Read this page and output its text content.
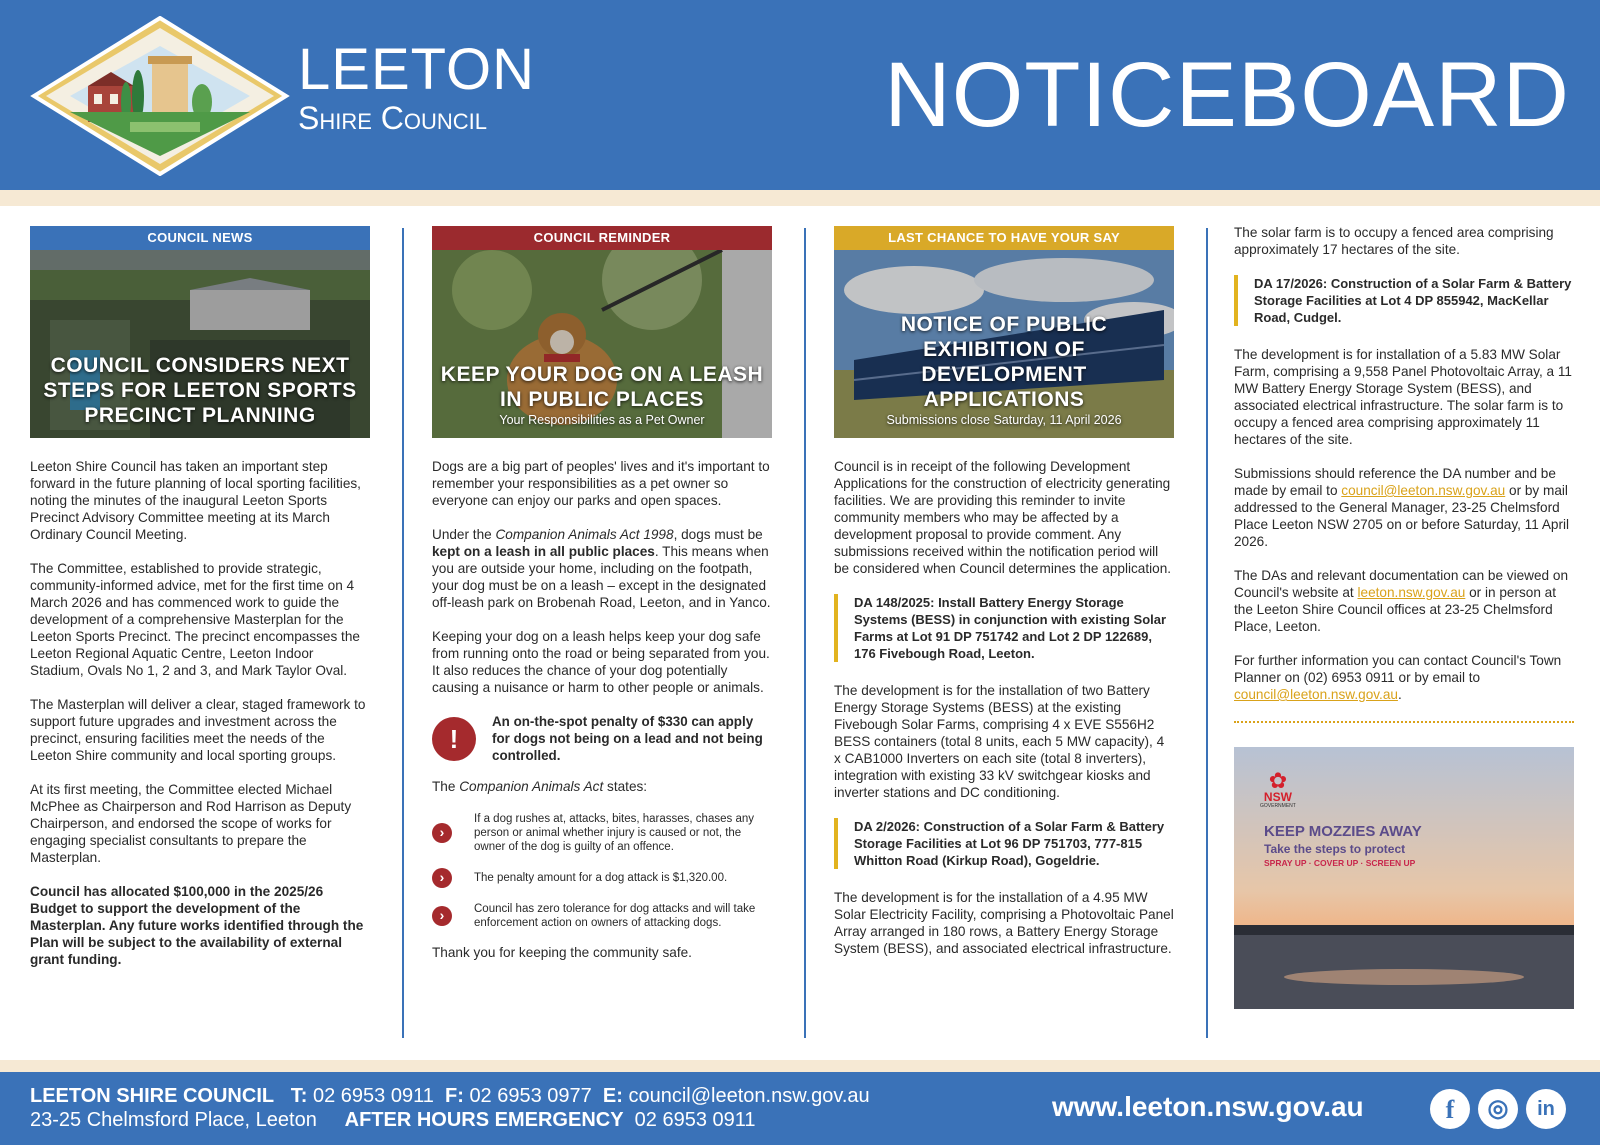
LEETON
Shire Council	NOTICEBOARD
COUNCIL NEWS
COUNCIL CONSIDERS NEXT STEPS FOR LEETON SPORTS PRECINCT PLANNING

Leeton Shire Council has taken an important step forward in the future planning of local sporting facilities, noting the minutes of the inaugural Leeton Sports Precinct Advisory Committee meeting at its March Ordinary Council Meeting.

The Committee, established to provide strategic, community-informed advice, met for the first time on 4 March 2026 and has commenced work to guide the development of a comprehensive Masterplan for the Leeton Sports Precinct. The precinct encompasses the Leeton Regional Aquatic Centre, Leeton Indoor Stadium, Ovals No 1, 2 and 3, and Mark Taylor Oval.

The Masterplan will deliver a clear, staged framework to support future upgrades and investment across the precinct, ensuring facilities meet the needs of the Leeton Shire community and local sporting groups.

At its first meeting, the Committee elected Michael McPhee as Chairperson and Rod Harrison as Deputy Chairperson, and endorsed the scope of works for engaging specialist consultants to prepare the Masterplan.

Council has allocated $100,000 in the 2025/26 Budget to support the development of the Masterplan. Any future works identified through the Plan will be subject to the availability of external grant funding.

COUNCIL REMINDER
KEEP YOUR DOG ON A LEASH IN PUBLIC PLACES
Your Responsibilities as a Pet Owner

Dogs are a big part of peoples' lives and it's important to remember your responsibilities as a pet owner so everyone can enjoy our parks and open spaces.

Under the Companion Animals Act 1998, dogs must be kept on a leash in all public places. This means when you are outside your home, including on the footpath, your dog must be on a leash – except in the designated off-leash park on Brobenah Road, Leeton, and in Yanco.

Keeping your dog on a leash helps keep your dog safe from running onto the road or being separated from you. It also reduces the chance of your dog potentially causing a nuisance or harm to other people or animals.

!
An on-the-spot penalty of $330 can apply for dogs not being on a lead and not being controlled.

The Companion Animals Act states:

›
If a dog rushes at, attacks, bites, harasses, chases any person or animal whether injury is caused or not, the owner of the dog is guilty of an offence.
›	The penalty amount for a dog attack is $1,320.00.
›	Council has zero tolerance for dog attacks and will take enforcement action on owners of attacking dogs.

Thank you for keeping the community safe.

LAST CHANCE TO HAVE YOUR SAY
NOTICE OF PUBLIC EXHIBITION OF DEVELOPMENT APPLICATIONS
Submissions close Saturday, 11 April 2026

Council is in receipt of the following Development Applications for the construction of electricity generating facilities. We are providing this reminder to invite community members who may be affected by a development proposal to provide comment. Any submissions received within the notification period will be considered when Council determines the application.

DA 148/2025: Install Battery Energy Storage Systems (BESS) in conjunction with existing Solar Farms at Lot 91 DP 751742 and Lot 2 DP 122689, 176 Fivebough Road, Leeton.

The development is for the installation of two Battery Energy Storage Systems (BESS) at the existing Fivebough Solar Farms, comprising 4 x EVE S556H2 BESS containers (total 8 units, each 5 MW capacity), 4 x CAB1000 Inverters on each site (total 8 inverters), integration with existing 33 kV switchgear kiosks and inverter stations and DC conditioning.

DA 2/2026: Construction of a Solar Farm & Battery Storage Facilities at Lot 96 DP 751703, 777-815 Whitton Road (Kirkup Road), Gogeldrie.

The development is for the installation of a 4.95 MW Solar Electricity Facility, comprising a Photovoltaic Panel Array arranged in 180 rows, a Battery Energy Storage System (BESS), and associated electrical infrastructure.

The solar farm is to occupy a fenced area comprising approximately 17 hectares of the site.

DA 17/2026: Construction of a Solar Farm & Battery Storage Facilities at Lot 4 DP 855942, MacKellar Road, Cudgel.

The development is for installation of a 5.83 MW Solar Farm, comprising a 9,558 Panel Photovoltaic Array, a 11 MW Battery Energy Storage System (BESS), and associated electrical infrastructure. The solar farm is to occupy a fenced area comprising approximately 11 hectares of the site.

Submissions should reference the DA number and be made by email to council@leeton.nsw.gov.au or by mail addressed to the General Manager, 23-25 Chelmsford Place Leeton NSW 2705 on or before Saturday, 11 April 2026.

The DAs and relevant documentation can be viewed on Council's website at leeton.nsw.gov.au or in person at the Leeton Shire Council offices at 23-25 Chelmsford Place, Leeton.

For further information you can contact Council's Town Planner on (02) 6953 0911 or by email to council@leeton.nsw.gov.au.

✿
NSW
GOVERNMENT
KEEP MOZZIES AWAY
Take the steps to protect
SPRAY UP · COVER UP · SCREEN UP
LEETON SHIRE COUNCIL T: 02 6953 0911 F: 02 6953 0977 E: council@leeton.nsw.gov.au
23-25 Chelmsford Place, Leeton AFTER HOURS EMERGENCY 02 6953 0911	www.leeton.nsw.gov.au	f	◎	in
